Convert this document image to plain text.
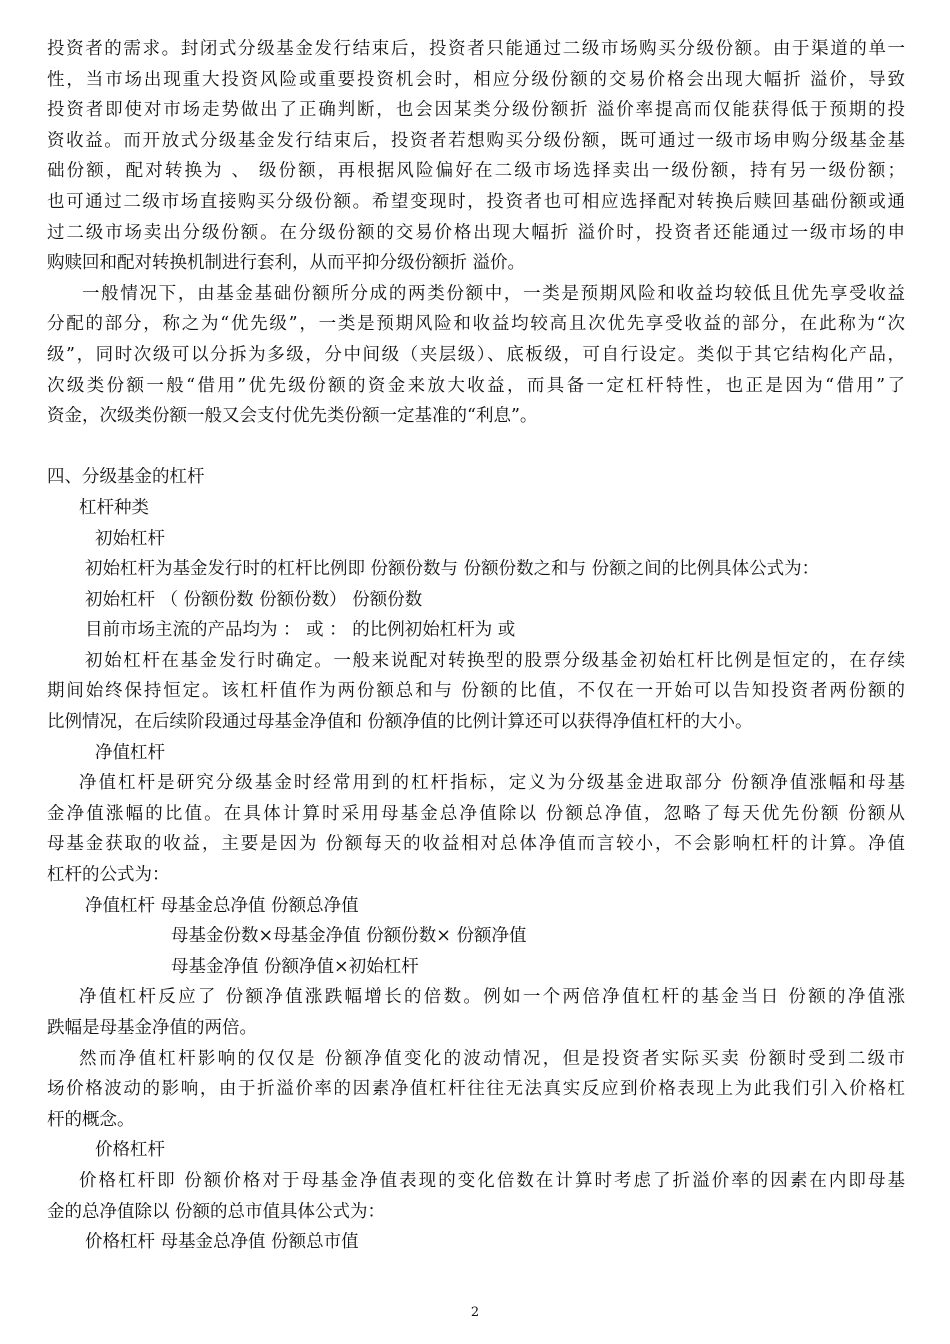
投资者的需求。封闭式分级基金发行结束后，投资者只能通过二级市场购买分级份额。由于渠道的单一
性，当市场出现重大投资风险或重要投资机会时，相应分级份额的交易价格会出现大幅折 溢价，导致
投资者即使对市场走势做出了正确判断，也会因某类分级份额折 溢价率提高而仅能获得低于预期的投
资收益。而开放式分级基金发行结束后，投资者若想购买分级份额，既可通过一级市场申购分级基金基
础份额，配对转换为 、 级份额，再根据风险偏好在二级市场选择卖出一级份额，持有另一级份额；
也可通过二级市场直接购买分级份额。希望变现时，投资者也可相应选择配对转换后赎回基础份额或通
过二级市场卖出分级份额。在分级份额的交易价格出现大幅折 溢价时，投资者还能通过一级市场的申
购赎回和配对转换机制进行套利，从而平抑分级份额折 溢价。
一般情况下，由基金基础份额所分成的两类份额中，一类是预期风险和收益均较低且优先享受收益
分配的部分，称之为“优先级”，一类是预期风险和收益均较高且次优先享受收益的部分，在此称为“次
级”，同时次级可以分拆为多级，分中间级（夹层级）、底板级，可自行设定。类似于其它结构化产品，
次级类份额一般“借用”优先级份额的资金来放大收益，而具备一定杠杆特性，也正是因为“借用”了
资金，次级类份额一般又会支付优先类份额一定基准的“利息”。
四、分级基金的杠杆
杠杆种类
初始杠杆
初始杠杆为基金发行时的杠杆比例即 份额份数与 份额份数之和与 份额之间的比例具体公式为：
初始杠杆 （ 份额份数 份额份数） 份额份数
目前市场主流的产品均为 ： 或 ： 的比例初始杠杆为 或
初始杠杆在基金发行时确定。一般来说配对转换型的股票分级基金初始杠杆比例是恒定的，在存续
期间始终保持恒定。该杠杆值作为两份额总和与 份额的比值，不仅在一开始可以告知投资者两份额的
比例情况，在后续阶段通过母基金净值和 份额净值的比例计算还可以获得净值杠杆的大小。
净值杠杆
净值杠杆是研究分级基金时经常用到的杠杆指标，定义为分级基金进取部分 份额净值涨幅和母基
金净值涨幅的比值。在具体计算时采用母基金总净值除以 份额总净值，忽略了每天优先份额 份额从
母基金获取的收益，主要是因为 份额每天的收益相对总体净值而言较小，不会影响杠杆的计算。净值
杠杆的公式为：
净值杠杆 母基金总净值 份额总净值
母基金份数×母基金净值 份额份数× 份额净值
母基金净值 份额净值×初始杠杆
净值杠杆反应了 份额净值涨跌幅增长的倍数。例如一个两倍净值杠杆的基金当日 份额的净值涨
跌幅是母基金净值的两倍。
然而净值杠杆影响的仅仅是 份额净值变化的波动情况，但是投资者实际买卖 份额时受到二级市
场价格波动的影响，由于折溢价率的因素净值杠杆往往无法真实反应到价格表现上为此我们引入价格杠
杆的概念。
价格杠杆
价格杠杆即 份额价格对于母基金净值表现的变化倍数在计算时考虑了折溢价率的因素在内即母基
金的总净值除以 份额的总市值具体公式为：
价格杠杆 母基金总净值 份额总市值
2
